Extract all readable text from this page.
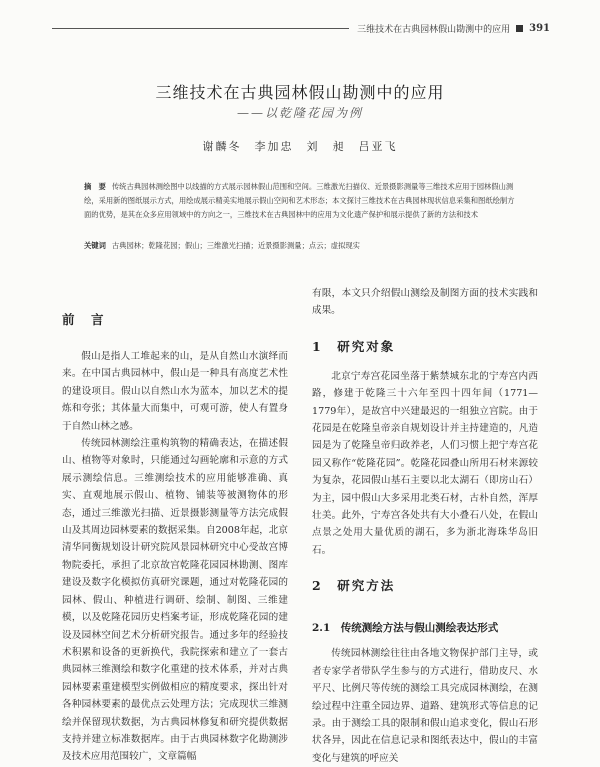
三维技术在古典园林假山勘测中的应用 391
三维技术在古典园林假山勘测中的应用
——以乾隆花园为例
谢麟冬　李加忠　刘　昶　吕亚飞
摘　要 传统古典园林测绘图中以线描的方式展示园林假山范围和空间。三维激光扫描仪、近景摄影测量等三维技术应用于园林假山测绘，采用新的图纸展示方式，用绘成展示精美实地展示假山空间和艺术形态；本文探讨三维技术在古典园林现状信息采集和图纸绘制方面的优势，是其在众多应用领域中的方向之一，三维技术在古典园林中的应用为文化遗产保护和展示提供了新的方法和技术
关键词 古典园林；乾隆花园；假山；三维激光扫描；近景摄影测量；点云；虚拟现实

前　言

假山是指人工堆起来的山，是从自然山水演绎而来。在中国古典园林中，假山是一种具有高度艺术性的建设项目。假山以自然山水为蓝本，加以艺术的提炼和夸张；其体量大而集中，可观可游，使人有置身于自然山林之感。

传统园林测绘注重构筑物的精确表达，在描述假山、植物等对象时，只能通过勾画轮廓和示意的方式展示测绘信息。三维测绘技术的应用能够准确、真实、直观地展示假山、植物、铺装等被测物体的形态，通过三维激光扫描、近景摄影测量等方法完成假山及其周边园林要素的数据采集。自2008年起，北京清华同衡规划设计研究院风景园林研究中心受故宫博物院委托，承担了北京故宫乾隆花园园林勘测、图库建设及数字化模拟仿真研究课题，通过对乾隆花园的园林、假山、种植进行调研、绘制、制图、三维建模，以及乾隆花园历史档案考证，形成乾隆花园的建设及园林空间艺术分析研究报告。通过多年的经验技术积累和设备的更新换代，我院探索和建立了一套古典园林三维测绘和数字化重建的技术体系，并对古典园林要素重建模型实例做相应的精度要求，探出针对各种园林要素的最优点云处理方法；完成现状三维测绘并保留现状数据，为古典园林修复和研究提供数据支持并建立标准数据库。由于古典园林数字化勘测涉及技术应用范围较广，文章篇幅

有限，本文只介绍假山测绘及制图方面的技术实践和成果。

1　研究对象

北京宁寿宫花园坐落于紫禁城东北的宁寿宫内西路，修建于乾隆三十六年至四十四年间（1771—1779年），是故宫中兴建最迟的一组独立宫院。由于花园是在乾隆皇帝亲自规划设计并主持建造的，凡造园是为了乾隆皇帝归政养老，人们习惯上把宁寿宫花园又称作“乾隆花园”。乾隆花园叠山所用石材来源较为复杂，花园假山基石主要以北太湖石（即房山石）为主，园中假山大多采用北类石材，古朴自然，浑厚壮美。此外，宁寿宫各处共有大小叠石八处，在假山点景之处用大量优质的湖石，多为浙北海珠华岛旧石。

2　研究方法

2.1　传统测绘方法与假山测绘表达形式

传统园林测绘往往由各地文物保护部门主导，或者专家学者带队学生参与的方式进行，借助皮尺、水平尺、比例尺等传统的测绘工具完成园林测绘，在测绘过程中注重全园边界、道路、建筑形式等信息的记录。由于测绘工具的限制和假山追求变化，假山石形状各异，因此在信息记录和图纸表达中，假山的丰富变化与建筑的呼应关
